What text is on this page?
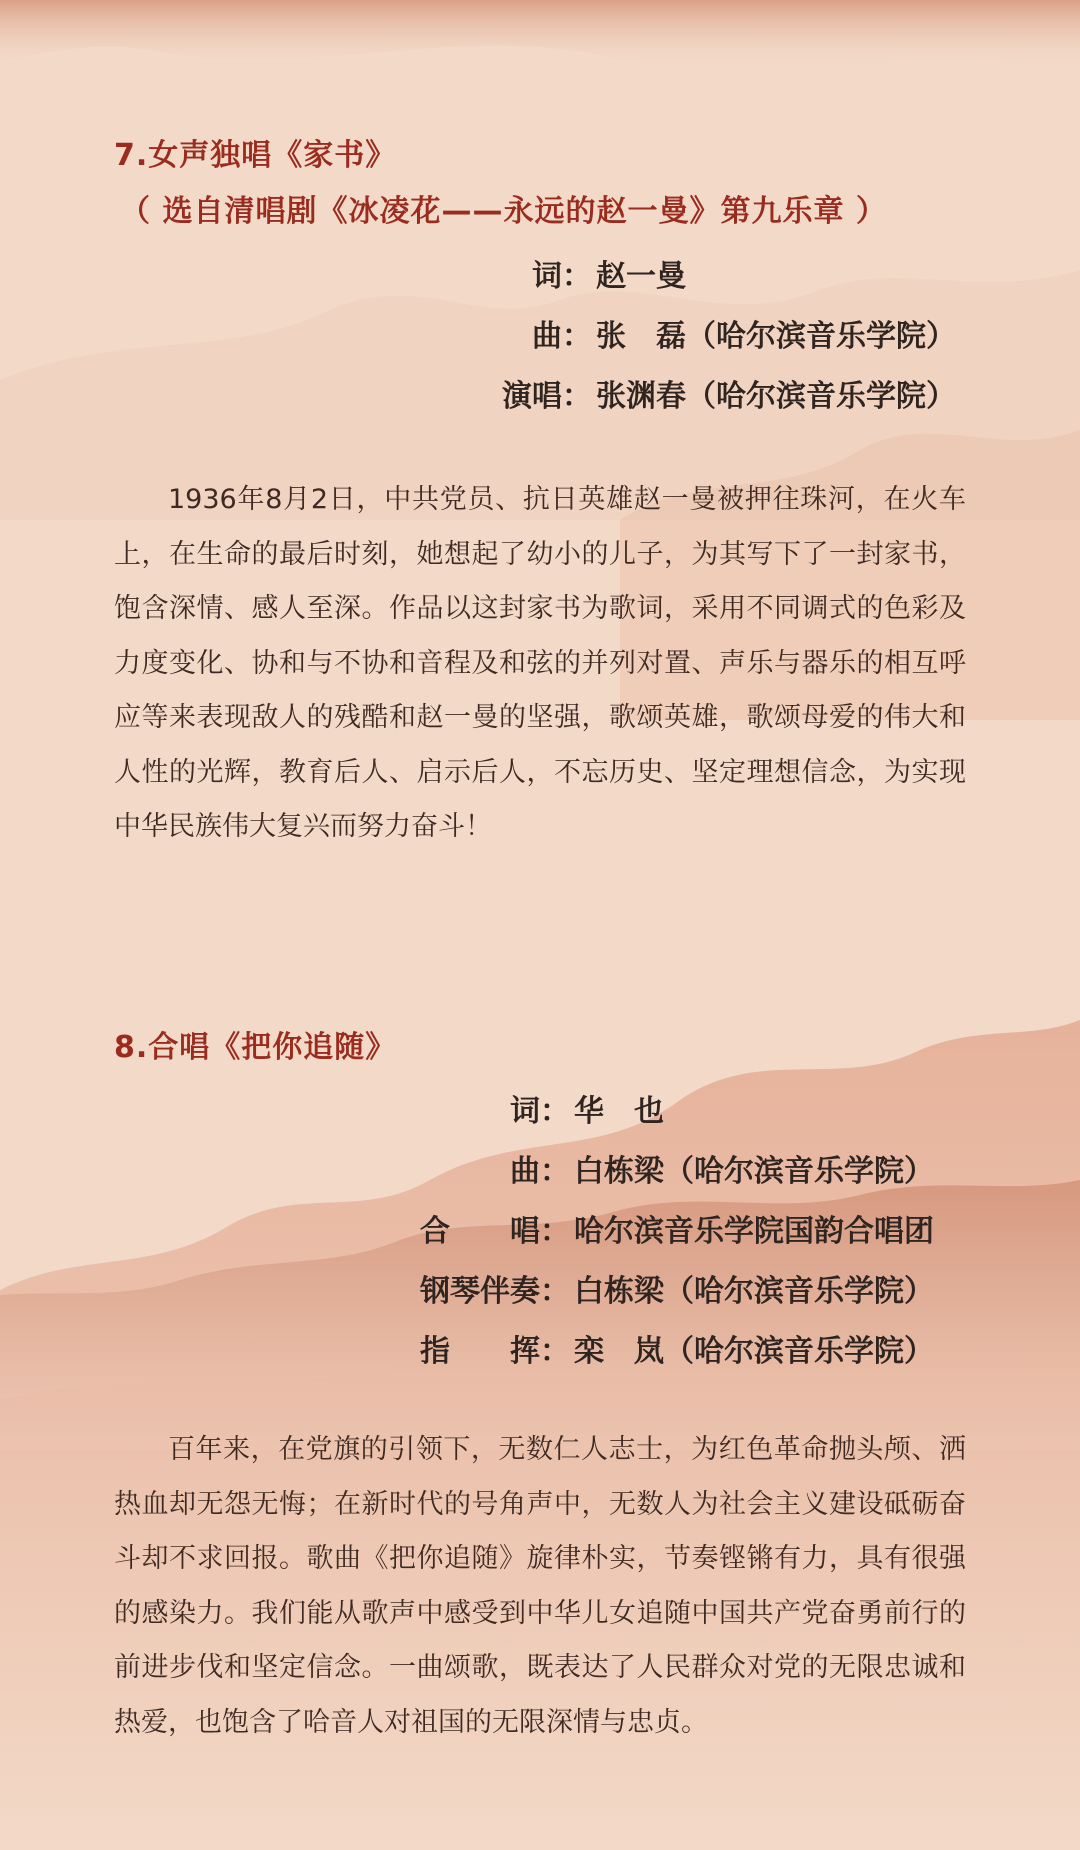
7.女声独唱《家书》
（ 选自清唱剧《冰凌花——永远的赵一曼》第九乐章 ）
词： 赵一曼
曲： 张　磊（哈尔滨音乐学院）
演唱： 张渊春（哈尔滨音乐学院）

1936年8月2日，中共党员、抗日英雄赵一曼被押往珠河，在火车上，在生命的最后时刻，她想起了幼小的儿子，为其写下了一封家书，饱含深情、感人至深。作品以这封家书为歌词，采用不同调式的色彩及力度变化、协和与不协和音程及和弦的并列对置、声乐与器乐的相互呼应等来表现敌人的残酷和赵一曼的坚强，歌颂英雄，歌颂母爱的伟大和人性的光辉，教育后人、启示后人，不忘历史、坚定理想信念，为实现中华民族伟大复兴而努力奋斗！

8.合唱《把你追随》
词： 华　也
曲： 白栋梁（哈尔滨音乐学院）
合　　唱： 哈尔滨音乐学院国韵合唱团
钢琴伴奏： 白栋梁（哈尔滨音乐学院）
指　　挥： 栾　岚（哈尔滨音乐学院）

百年来，在党旗的引领下，无数仁人志士，为红色革命抛头颅、洒热血却无怨无悔；在新时代的号角声中，无数人为社会主义建设砥砺奋斗却不求回报。歌曲《把你追随》旋律朴实，节奏铿锵有力，具有很强的感染力。我们能从歌声中感受到中华儿女追随中国共产党奋勇前行的前进步伐和坚定信念。一曲颂歌，既表达了人民群众对党的无限忠诚和热爱，也饱含了哈音人对祖国的无限深情与忠贞。
